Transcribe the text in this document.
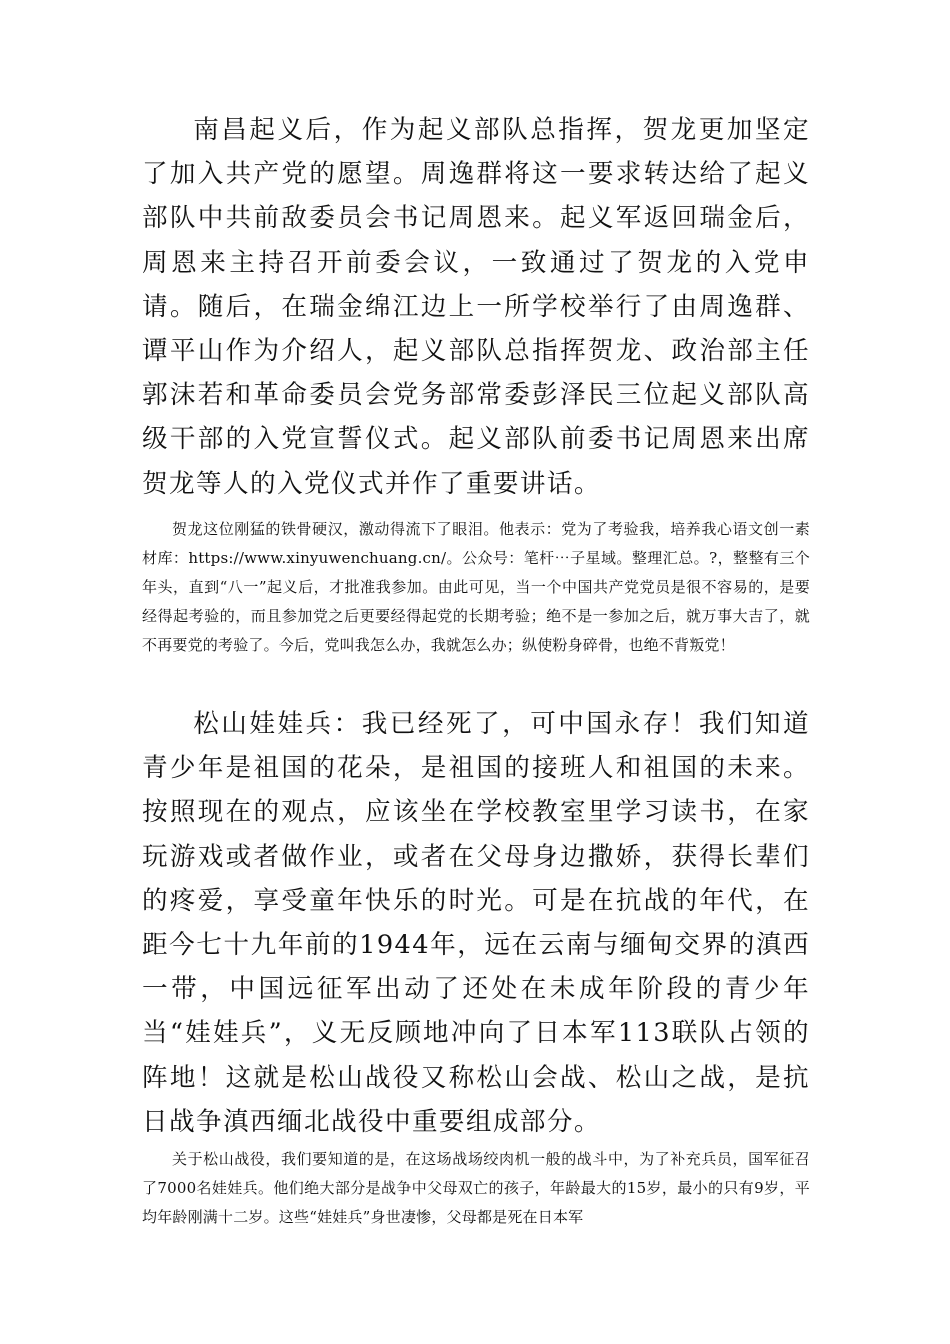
南昌起义后，作为起义部队总指挥，贺龙更加坚定了加入共产党的愿望。周逸群将这一要求转达给了起义部队中共前敌委员会书记周恩来。起义军返回瑞金后，周恩来主持召开前委会议，一致通过了贺龙的入党申请。随后，在瑞金绵江边上一所学校举行了由周逸群、谭平山作为介绍人，起义部队总指挥贺龙、政治部主任郭沫若和革命委员会党务部常委彭泽民三位起义部队高级干部的入党宣誓仪式。起义部队前委书记周恩来出席贺龙等人的入党仪式并作了重要讲话。

贺龙这位刚猛的铁骨硬汉，激动得流下了眼泪。他表示：党为了考验我，培养我心语文创一素材库：https://www.xinyuwenchuang.cn/。公众号：笔杆⋯子星域。整理汇总。?，整整有三个年头，直到“八一”起义后，才批准我参加。由此可见，当一个中国共产党党员是很不容易的，是要经得起考验的，而且参加党之后更要经得起党的长期考验；绝不是一参加之后，就万事大吉了，就不再要党的考验了。今后，党叫我怎么办，我就怎么办；纵使粉身碎骨，也绝不背叛党！

松山娃娃兵：我已经死了，可中国永存！我们知道青少年是祖国的花朵，是祖国的接班人和祖国的未来。按照现在的观点，应该坐在学校教室里学习读书，在家玩游戏或者做作业，或者在父母身边撒娇，获得长辈们的疼爱，享受童年快乐的时光。可是在抗战的年代，在距今七十九年前的1944年，远在云南与缅甸交界的滇西一带，中国远征军出动了还处在未成年阶段的青少年当“娃娃兵”，义无反顾地冲向了日本军113联队占领的阵地！这就是松山战役又称松山会战、松山之战，是抗日战争滇西缅北战役中重要组成部分。

关于松山战役，我们要知道的是，在这场战场绞肉机一般的战斗中，为了补充兵员，国军征召了7000名娃娃兵。他们绝大部分是战争中父母双亡的孩子，年龄最大的15岁，最小的只有9岁，平均年龄刚满十二岁。这些“娃娃兵”身世凄惨，父母都是死在日本军
